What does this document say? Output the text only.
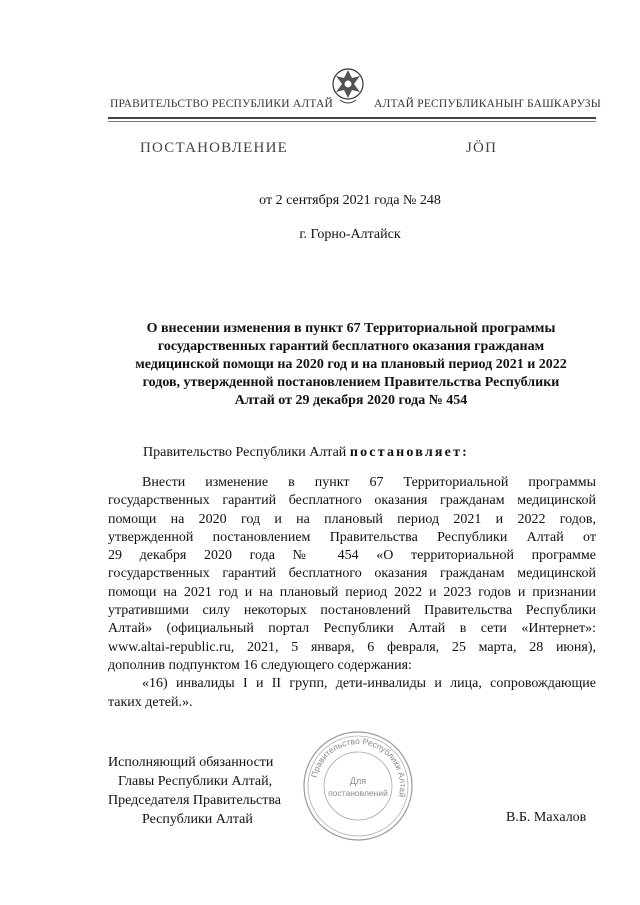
ПРАВИТЕЛЬСТВО РЕСПУБЛИКИ АЛТАЙ	АЛТАЙ РЕСПУБЛИКАНЫҤ БАШКАРУЗЫ
ПОСТАНОВЛЕНИЕ	ЈӦП
от 2 сентября 2021 года № 248
г. Горно-Алтайск
О внесении изменения в пункт 67 Территориальной программы
государственных гарантий бесплатного оказания гражданам
медицинской помощи на 2020 год и на плановый период 2021 и 2022
годов, утвержденной постановлением Правительства Республики
Алтай от 29 декабря 2020 года № 454
Правительство Республики Алтай постановляет:
Внести изменение в пункт 67 Территориальной программы
государственных гарантий бесплатного оказания гражданам медицинской
помощи на 2020 год и на плановый период 2021 и 2022 годов,
утвержденной постановлением Правительства Республики Алтай от
29 декабря 2020 года № 454 «О территориальной программе
государственных гарантий бесплатного оказания гражданам медицинской
помощи на 2021 год и на плановый период 2022 и 2023 годов и признании
утратившими силу некоторых постановлений Правительства Республики
Алтай» (официальный портал Республики Алтай в сети «Интернет»:
www.altai-republic.ru, 2021, 5 января, 6 февраля, 25 марта, 28 июня),
дополнив подпунктом 16 следующего содержания:
«16) инвалиды I и II групп, дети-инвалиды и лица, сопровождающие
таких детей.».
Исполняющий обязанности
Главы Республики Алтай,
Председателя Правительства
Республики Алтай
Правительство Республики Алтай
Для
постановлений
В.Б. Махалов
